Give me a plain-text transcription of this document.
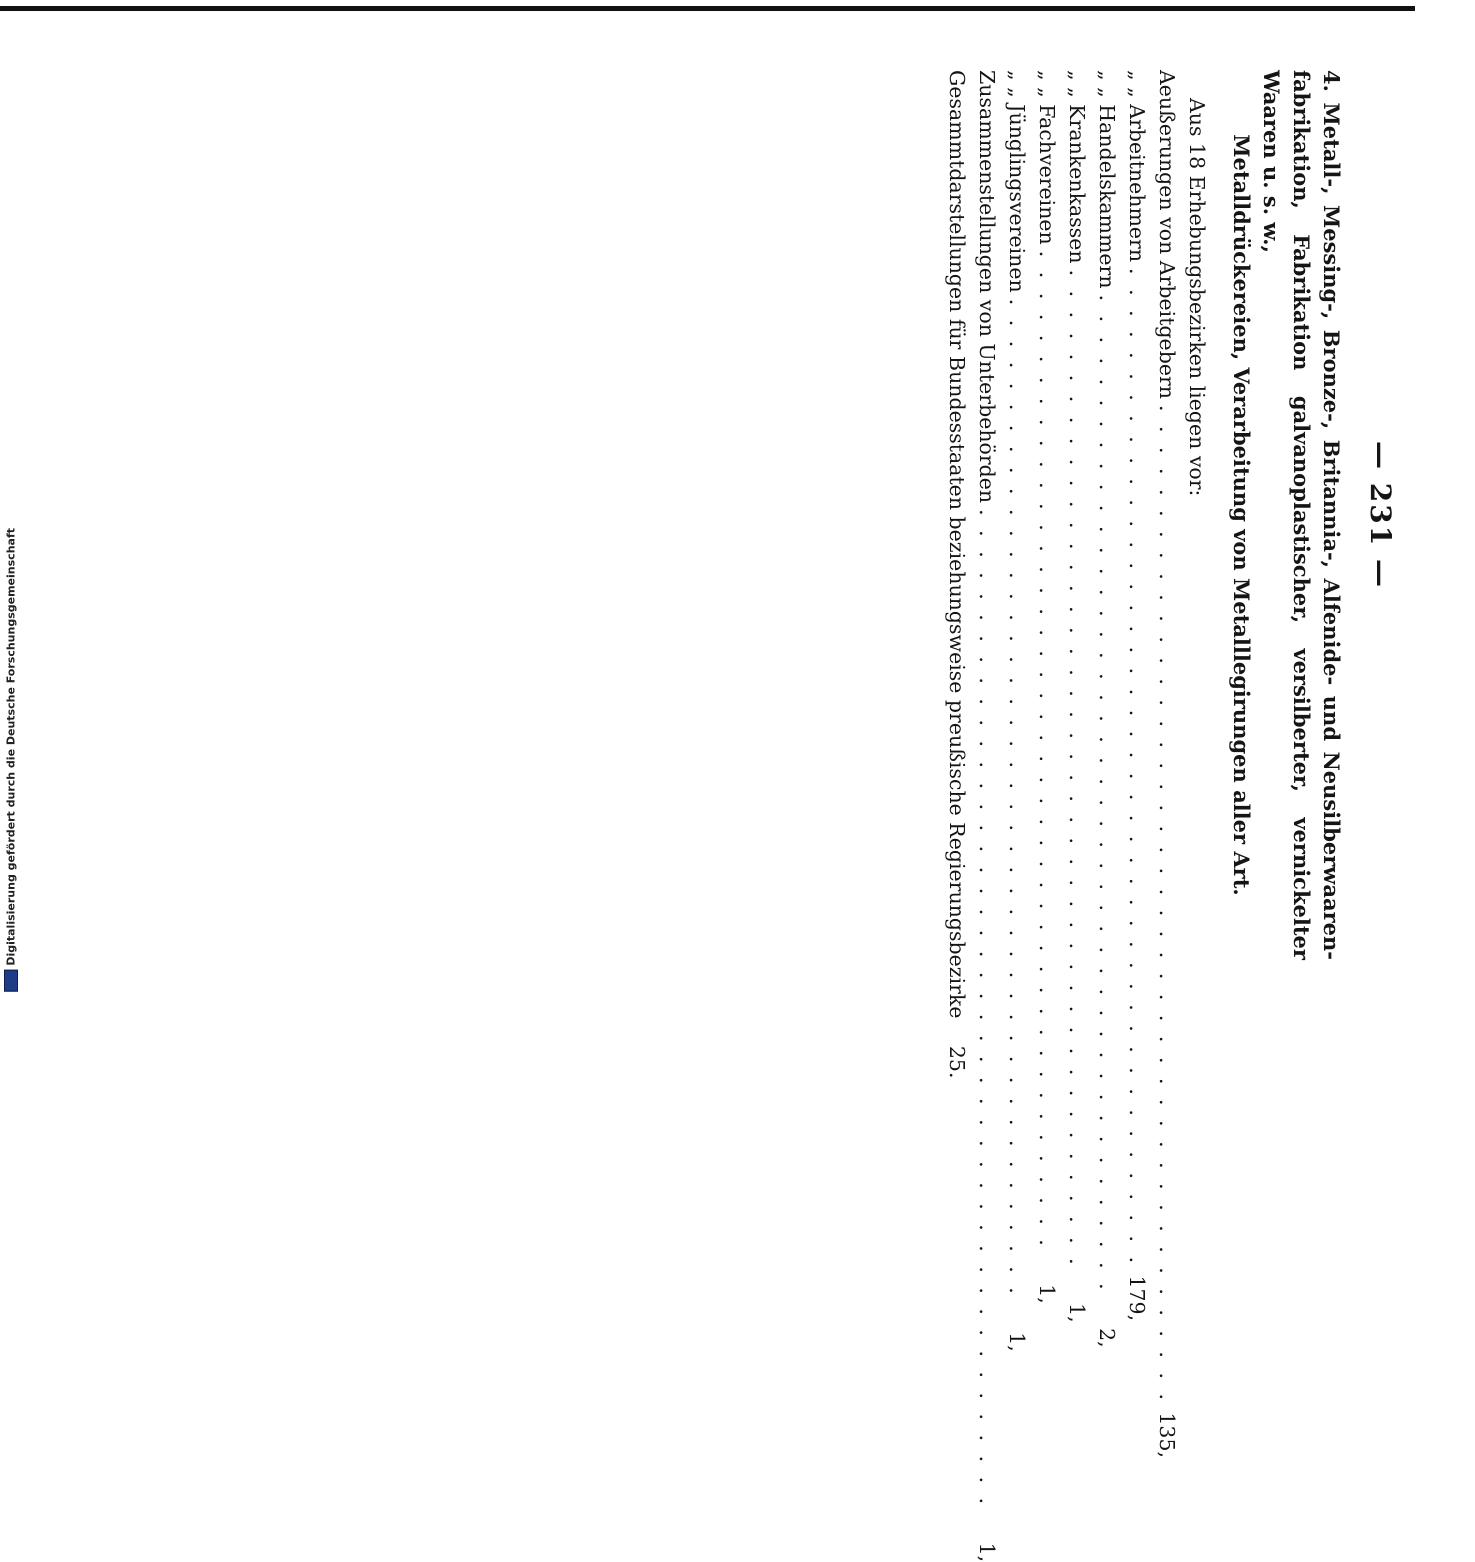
— 231 —
4. Metall-, Messing-, Bronze-, Britannia-, Alfenide- und Neusilberwaaren-fabrikation, Fabrikation galvanoplastischer, versilberter, vernickelter Waaren u. s. w.,
Metalldrückereien, Verarbeitung von Metalllegirungen aller Art.

Aus 18 Erhebungsbezirken liegen vor:

Aeußerungen von Arbeitgebern
. . . . . . . . . . . . . . . . . . . . . . . . . . . . . . . . . . . . . . . . . . . . . . . .
135,
„ „ Arbeitnehmern
. . . . . . . . . . . . . . . . . . . . . . . . . . . . . . . . . . . . . . . . . . . . . . . .
179,
„ „ Handelskammern
. . . . . . . . . . . . . . . . . . . . . . . . . . . . . . . . . . . . . . . . . . . . . . . .
2,
„ „ Krankenkassen
. . . . . . . . . . . . . . . . . . . . . . . . . . . . . . . . . . . . . . . . . . . . . . . .
1,
„ „ Fachvereinen
. . . . . . . . . . . . . . . . . . . . . . . . . . . . . . . . . . . . . . . . . . . . . . . .
1,
„ „ Jünglingsvereinen
. . . . . . . . . . . . . . . . . . . . . . . . . . . . . . . . . . . . . . . . . . . . . . . .
1,
Zusammenstellungen von Unterbehörden
. . . . . . . . . . . . . . . . . . . . . . . . . . . . . . . . . . . . . . . . . . . . . . . .
1,
Gesammtdarstellungen für Bundesstaaten beziehungsweise preußische Regierungsbezirke
25.
Digitalisierung gefördert durch die Deutsche Forschungsgemeinschaft
